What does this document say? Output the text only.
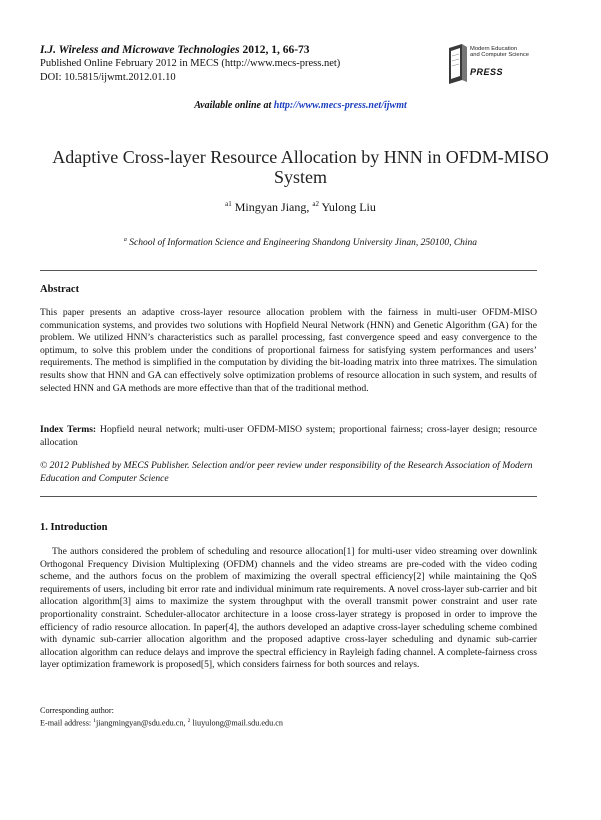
I.J. Wireless and Microwave Technologies 2012, 1, 66-73
Published Online February 2012 in MECS (http://www.mecs-press.net)
DOI: 10.5815/ijwmt.2012.01.10
Modern Education
and Computer Science
PRESS
Available online at http://www.mecs-press.net/ijwmt
Adaptive Cross-layer Resource Allocation by HNN in OFDM-MISO System
$^{a1}$ Mingyan Jiang, $^{a2}$ Yulong Liu
$^a$ School of Information Science and Engineering Shandong University Jinan, 250100, China
Abstract
This paper presents an adaptive cross-layer resource allocation problem with the fairness in multi-user OFDM-MISO communication systems, and provides two solutions with Hopfield Neural Network (HNN) and Genetic Algorithm (GA) for the problem. We utilized HNN’s characteristics such as parallel processing, fast convergence speed and easy convergence to the optimum, to solve this problem under the conditions of proportional fairness for satisfying system performances and users’ requirements. The method is simplified in the computation by dividing the bit-loading matrix into three matrixes. The simulation results show that HNN and GA can effectively solve optimization problems of resource allocation in such system, and results of selected HNN and GA methods are more effective than that of the traditional method.
Index Terms: Hopfield neural network; multi-user OFDM-MISO system; proportional fairness; cross-layer design; resource allocation
© 2012 Published by MECS Publisher. Selection and/or peer review under responsibility of the Research Association of Modern Education and Computer Science
1. Introduction
The authors considered the problem of scheduling and resource allocation[1] for multi-user video streaming over downlink Orthogonal Frequency Division Multiplexing (OFDM) channels and the video streams are pre-coded with the video coding scheme, and the authors focus on the problem of maximizing the overall spectral efficiency[2] while maintaining the QoS requirements of users, including bit error rate and individual minimum rate requirements. A novel cross-layer sub-carrier and bit allocation algorithm[3] aims to maximize the system throughput with the overall transmit power constraint and user rate proportionality constraint. Scheduler-allocator architecture in a loose cross-layer strategy is proposed in order to improve the efficiency of radio resource allocation. In paper[4], the authors developed an adaptive cross-layer scheduling scheme combined with dynamic sub-carrier allocation algorithm and the proposed adaptive cross-layer scheduling and dynamic sub-carrier allocation algorithm can reduce delays and improve the spectral efficiency in Rayleigh fading channel. A complete-fairness cross layer optimization framework is proposed[5], which considers fairness for both sources and relays.
Corresponding author:
E-mail address: $^1$jiangmingyan@sdu.edu.cn, $^2$ liuyulong@mail.sdu.edu.cn
